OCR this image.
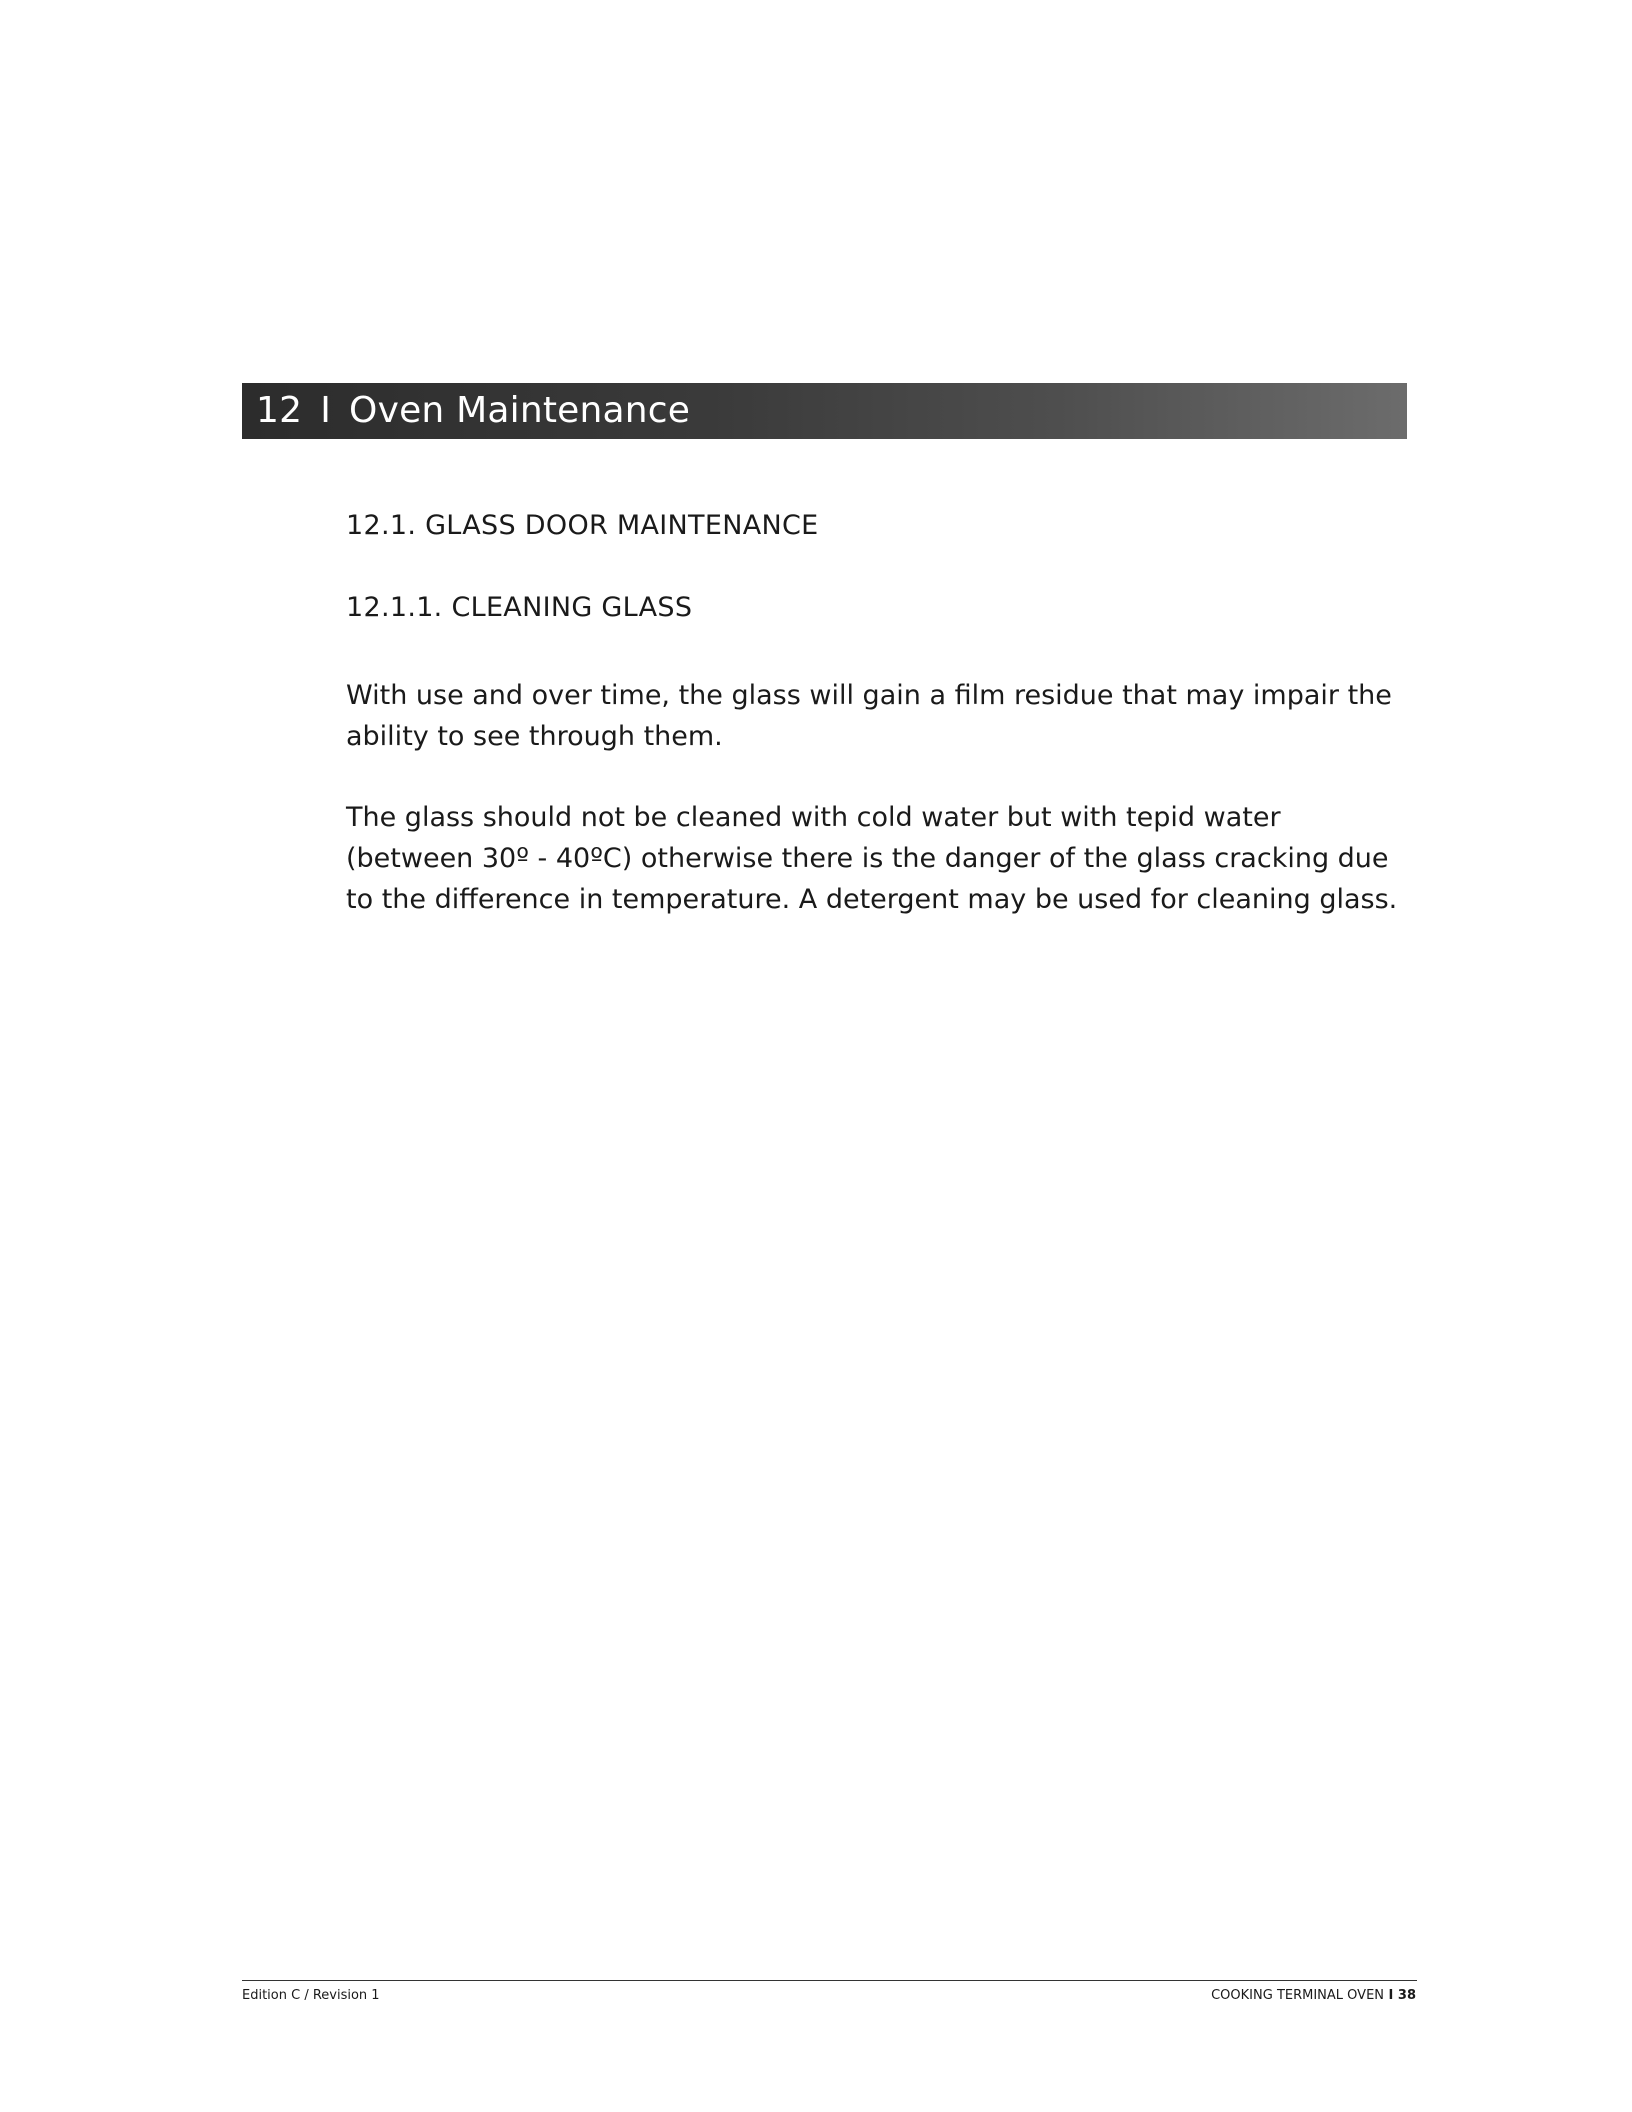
12 I Oven Maintenance
12.1. GLASS DOOR MAINTENANCE
12.1.1. CLEANING GLASS

With use and over time, the glass will gain a film residue that may impair the ability to see through them.

The glass should not be cleaned with cold water but with tepid water (between 30º - 40ºC) otherwise there is the danger of the glass cracking due to the difference in temperature. A detergent may be used for cleaning glass.

Edition C / Revision 1	COOKING TERMINAL OVEN I 38
